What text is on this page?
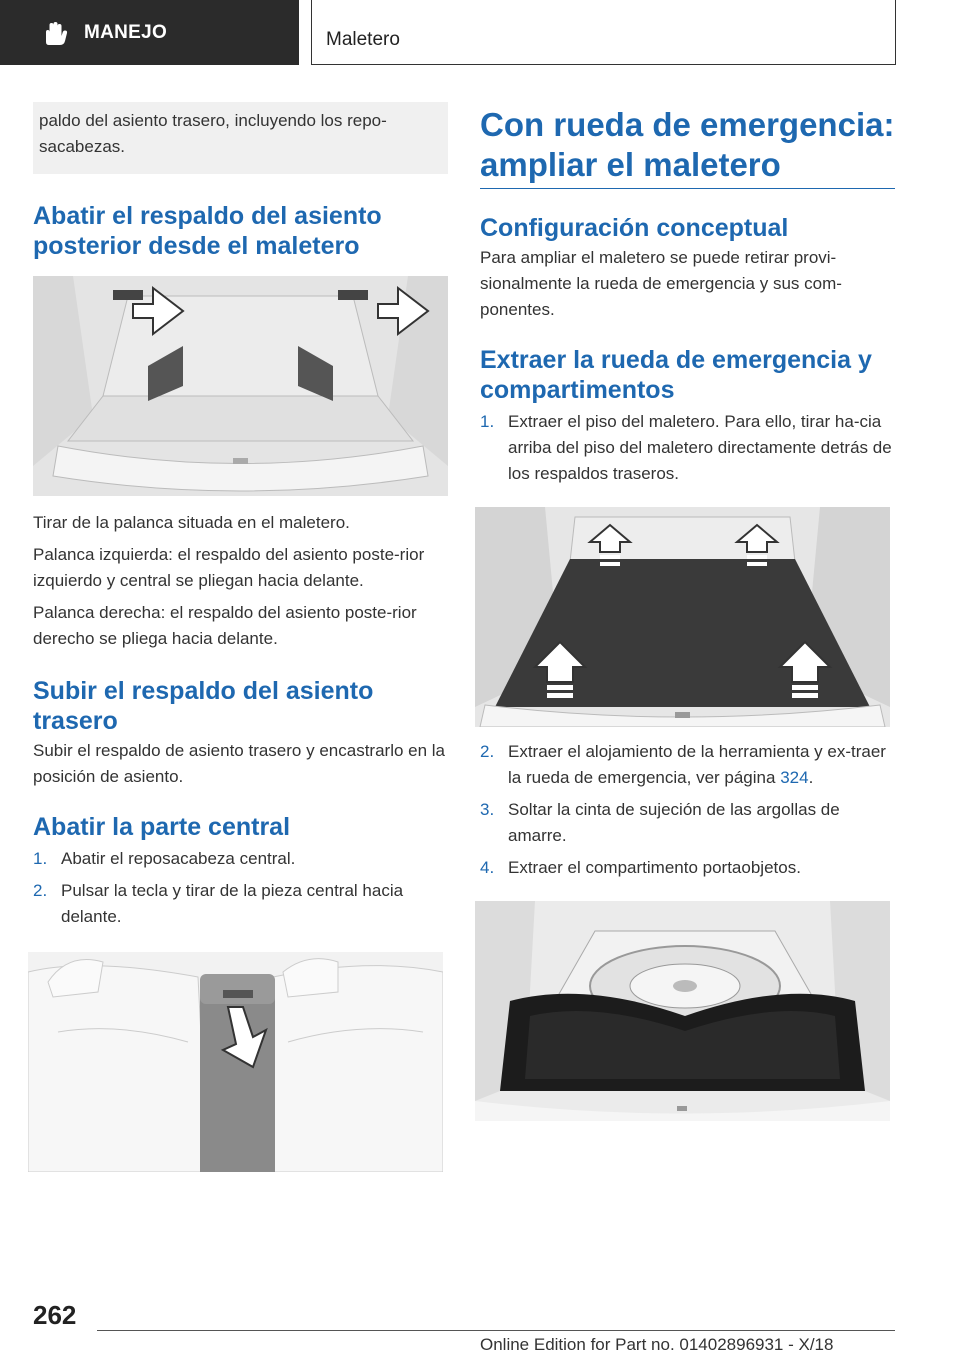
MANEJO	Maletero
paldo del asiento trasero, incluyendo los repo-sacabezas.
Abatir el respaldo del asiento posterior desde el maletero

Tirar de la palanca situada en el maletero.

Palanca izquierda: el respaldo del asiento poste-rior izquierdo y central se pliegan hacia delante.

Palanca derecha: el respaldo del asiento poste-rior derecho se pliega hacia delante.

Subir el respaldo del asiento trasero

Subir el respaldo de asiento trasero y encastrarlo en la posición de asiento.

Abatir la parte central
1. Abatir el reposacabeza central.
2. Pulsar la tecla y tirar de la pieza central hacia delante.
Con rueda de emergencia: ampliar el maletero
Configuración conceptual

Para ampliar el maletero se puede retirar provi-sionalmente la rueda de emergencia y sus com-ponentes.

Extraer la rueda de emergencia y compartimentos
1. Extraer el piso del maletero. Para ello, tirar ha-cia arriba del piso del maletero directamente detrás de los respaldos traseros.
2. Extraer el alojamiento de la herramienta y ex-traer la rueda de emergencia, ver página 324.
3. Soltar la cinta de sujeción de las argollas de amarre.
4. Extraer el compartimento portaobjetos.
262
Online Edition for Part no. 01402896931 - X/18
